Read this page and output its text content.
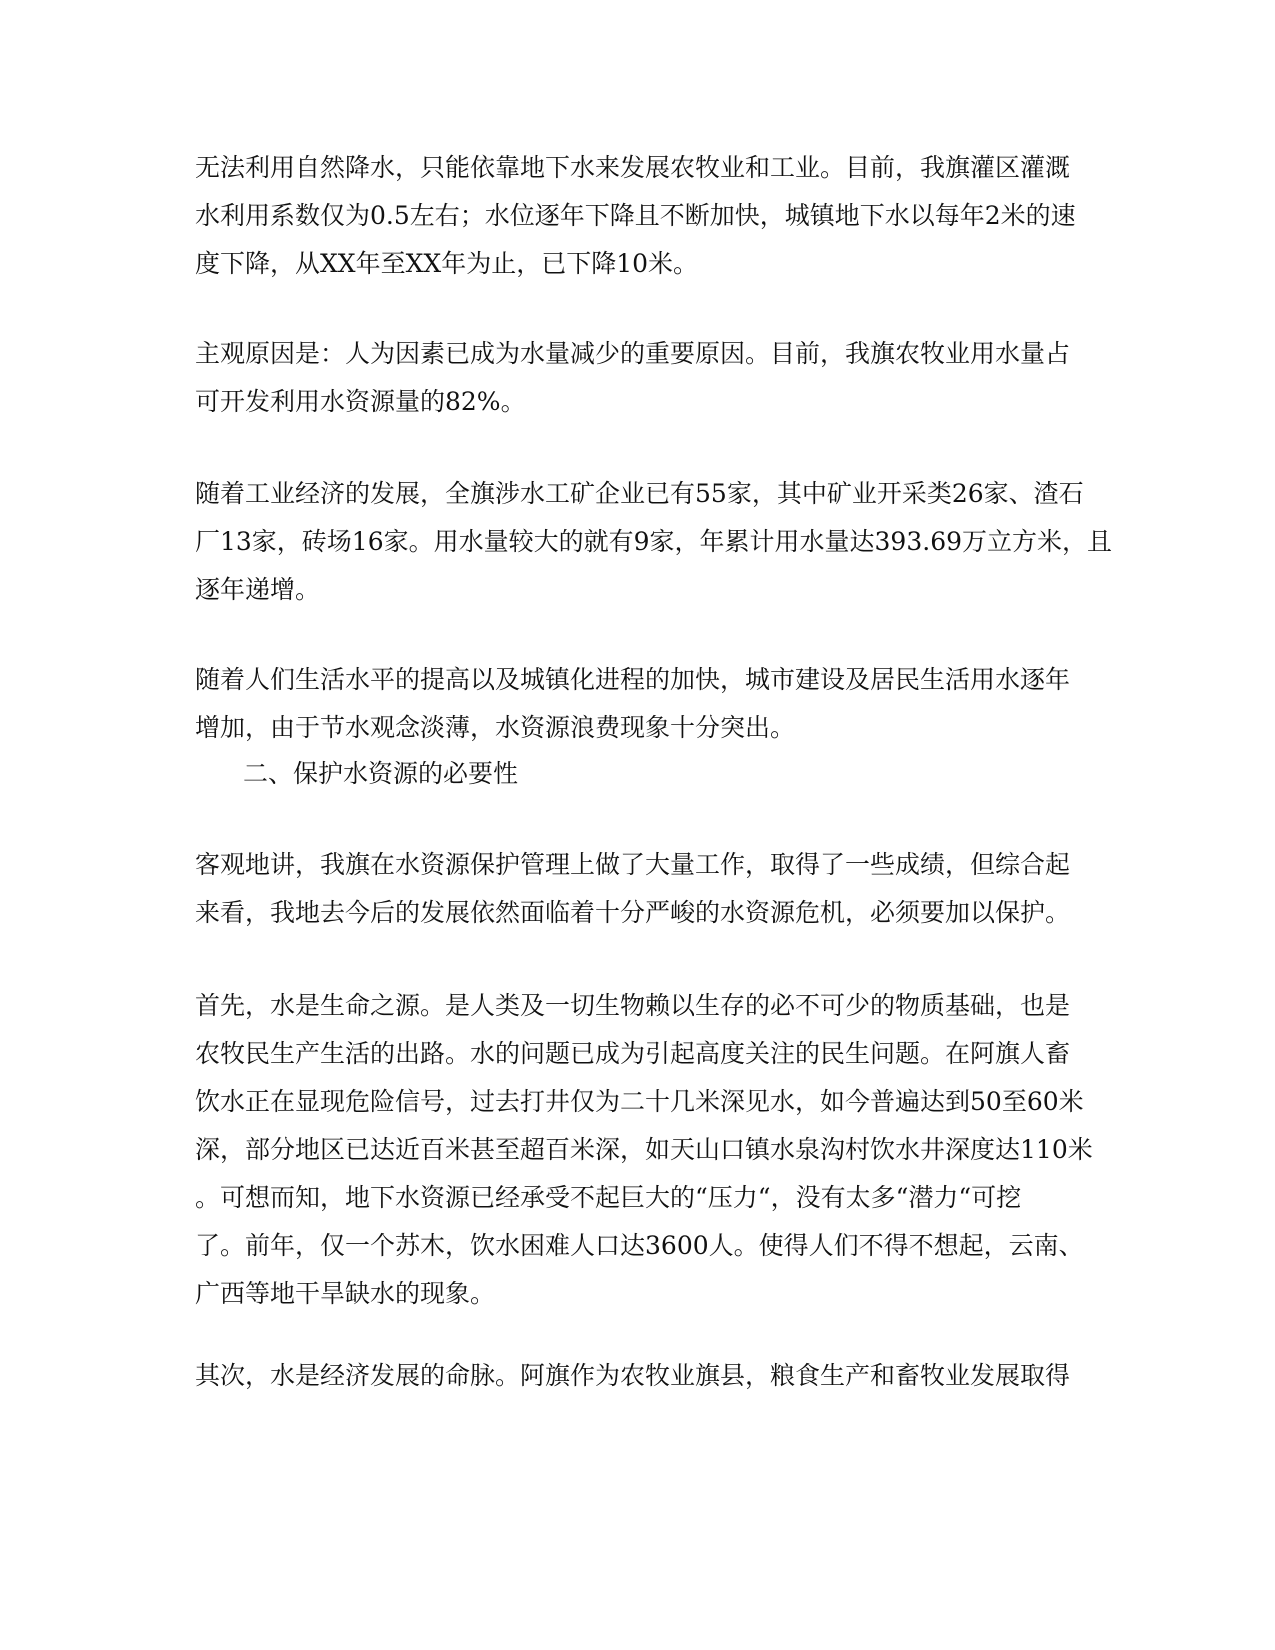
无法利用自然降水，只能依靠地下水来发展农牧业和工业。目前，我旗灌区灌溉
水利用系数仅为0.5左右；水位逐年下降且不断加快，城镇地下水以每年2米的速
度下降，从XX年至XX年为止，已下降10米。
主观原因是：人为因素已成为水量减少的重要原因。目前，我旗农牧业用水量占
可开发利用水资源量的82%。
随着工业经济的发展，全旗涉水工矿企业已有55家，其中矿业开采类26家、渣石
厂13家，砖场16家。用水量较大的就有9家，年累计用水量达393.69万立方米，且
逐年递增。
随着人们生活水平的提高以及城镇化进程的加快，城市建设及居民生活用水逐年
增加，由于节水观念淡薄，水资源浪费现象十分突出。
二、保护水资源的必要性
客观地讲，我旗在水资源保护管理上做了大量工作，取得了一些成绩，但综合起
来看，我地去今后的发展依然面临着十分严峻的水资源危机，必须要加以保护。
首先，水是生命之源。是人类及一切生物赖以生存的必不可少的物质基础，也是
农牧民生产生活的出路。水的问题已成为引起高度关注的民生问题。在阿旗人畜
饮水正在显现危险信号，过去打井仅为二十几米深见水，如今普遍达到50至60米
深，部分地区已达近百米甚至超百米深，如天山口镇水泉沟村饮水井深度达110米
。可想而知，地下水资源已经承受不起巨大的“压力“，没有太多“潜力“可挖
了。前年，仅一个苏木，饮水困难人口达3600人。使得人们不得不想起，云南、
广西等地干旱缺水的现象。
其次，水是经济发展的命脉。阿旗作为农牧业旗县，粮食生产和畜牧业发展取得
